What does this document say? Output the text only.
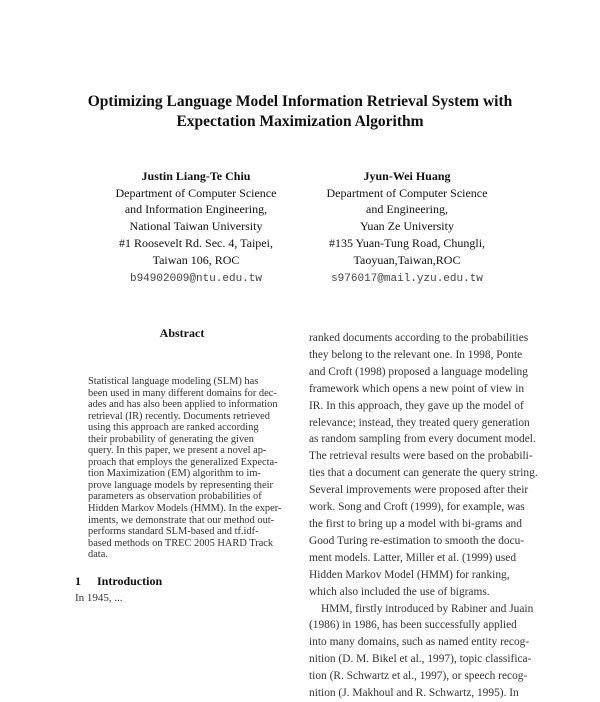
Optimizing Language Model Information Retrieval System with
Expectation Maximization Algorithm
Justin Liang-Te Chiu
Department of Computer Science
and Information Engineering,
National Taiwan University
#1 Roosevelt Rd. Sec. 4, Taipei,
Taiwan 106, ROC
b94902009@ntu.edu.tw
Jyun-Wei Huang
Department of Computer Science
and Engineering,
Yuan Ze University
#135 Yuan-Tung Road, Chungli,
Taoyuan,Taiwan,ROC
s976017@mail.yzu.edu.tw
Abstract
Statistical language modeling (SLM) has
been used in many different domains for dec-
ades and has also been applied to information
retrieval (IR) recently. Documents retrieved
using this approach are ranked according
their probability of generating the given
query. In this paper, we present a novel ap-
proach that employs the generalized Expecta-
tion Maximization (EM) algorithm to im-
prove language models by representing their
parameters as observation probabilities of
Hidden Markov Models (HMM). In the exper-
iments, we demonstrate that our method out-
performs standard SLM-based and tf.idf-
based methods on TREC 2005 HARD Track
data.
1 Introduction
In 1945, ...
ranked documents according to the probabilities
they belong to the relevant one. In 1998, Ponte
and Croft (1998) proposed a language modeling
framework which opens a new point of view in
IR. In this approach, they gave up the model of
relevance; instead, they treated query generation
as random sampling from every document model.
The retrieval results were based on the probabili-
ties that a document can generate the query string.
Several improvements were proposed after their
work. Song and Croft (1999), for example, was
the first to bring up a model with bi-grams and
Good Turing re-estimation to smooth the docu-
ment models. Latter, Miller et al. (1999) used
Hidden Markov Model (HMM) for ranking,
which also included the use of bigrams.
HMM, firstly introduced by Rabiner and Juain
(1986) in 1986, has been successfully applied
into many domains, such as named entity recog-
nition (D. M. Bikel et al., 1997), topic classifica-
tion (R. Schwartz et al., 1997), or speech recog-
nition (J. Makhoul and R. Schwartz, 1995). In
